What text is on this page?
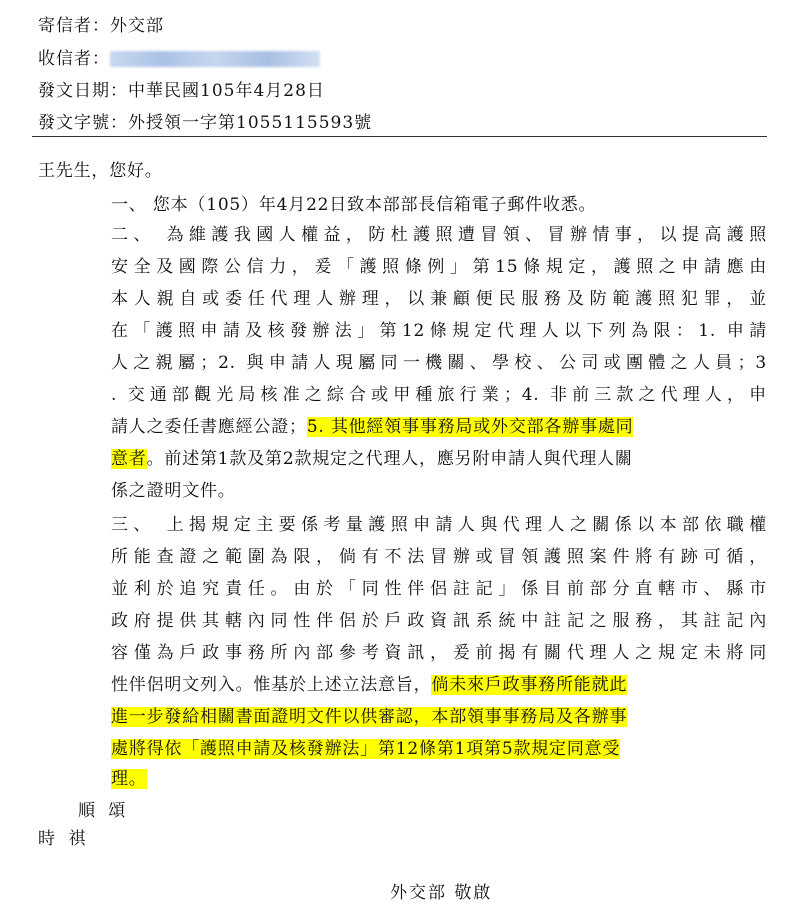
寄信者：外交部
收信者：
發文日期：中華民國105年4月28日
發文字號：外授領一字第1055115593號
王先生，您好。
一、 您本（105）年4月22日致本部部長信箱電子郵件收悉。
二、 為維護我國人權益，防杜護照遭冒領、冒辦情事，以提高護照
安全及國際公信力，爰「護照條例」第15條規定，護照之申請應由
本人親自或委任代理人辦理，以兼顧便民服務及防範護照犯罪，並
在「護照申請及核發辦法」第12條規定代理人以下列為限：1. 申請
人之親屬；2. 與申請人現屬同一機關、學校、公司或團體之人員；3
. 交通部觀光局核准之綜合或甲種旅行業；4. 非前三款之代理人，申
請人之委任書應經公證；5. 其他經領事事務局或外交部各辦事處同
意者。前述第1款及第2款規定之代理人，應另附申請人與代理人關
係之證明文件。
三、 上揭規定主要係考量護照申請人與代理人之關係以本部依職權
所能查證之範圍為限，倘有不法冒辦或冒領護照案件將有跡可循，
並利於追究責任。由於「同性伴侶註記」係目前部分直轄市、縣市
政府提供其轄內同性伴侶於戶政資訊系統中註記之服務，其註記內
容僅為戶政事務所內部參考資訊，爰前揭有關代理人之規定未將同
性伴侶明文列入。惟基於上述立法意旨，倘未來戶政事務所能就此
進一步發給相關書面證明文件以供審認，本部領事事務局及各辦事
處將得依「護照申請及核發辦法」第12條第1項第5款規定同意受
理。
順 頌
時 祺
外交部 敬啟
